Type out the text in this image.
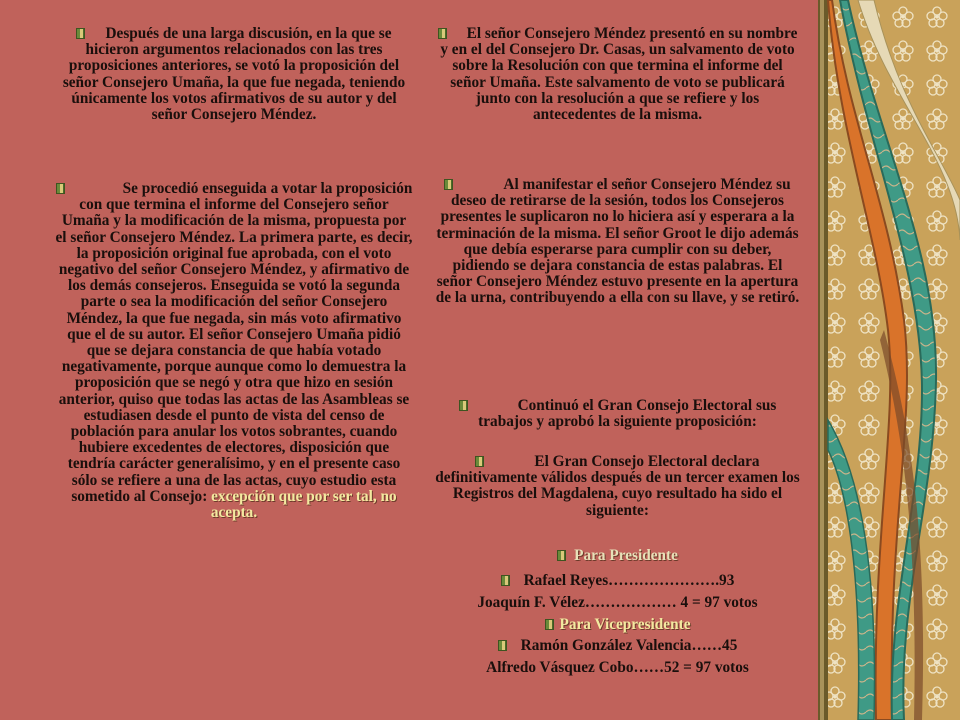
Después de una larga discusión, en la que se hicieron argumentos relacionados con las tres proposiciones anteriores, se votó la proposición del señor Consejero Umaña, la que fue negada, teniendo únicamente los votos afirmativos de su autor y del señor Consejero Méndez.
Se procedió enseguida a votar la proposición con que termina el informe del Consejero señor Umaña y la modificación de la misma, propuesta por el señor Consejero Méndez. La primera parte, es decir, la proposición original fue aprobada, con el voto negativo del señor Consejero Méndez, y afirmativo de los demás consejeros. Enseguida se votó la segunda parte o sea la modificación del señor Consejero Méndez, la que fue negada, sin más voto afirmativo que el de su autor. El señor Consejero Umaña pidió que se dejara constancia de que había votado negativamente, porque aunque como lo demuestra la proposición que se negó y otra que hizo en sesión anterior, quiso que todas las actas de las Asambleas se estudiasen desde el punto de vista del censo de población para anular los votos sobrantes, cuando hubiere excedentes de electores, disposición que tendría carácter generalísimo, y en el presente caso sólo se refiere a una de las actas, cuyo estudio esta sometido al Consejo: excepción que por ser tal, no acepta.
El señor Consejero Méndez presentó en su nombre y en el del Consejero Dr. Casas, un salvamento de voto sobre la Resolución con que termina el informe del señor Umaña. Este salvamento de voto se publicará junto con la resolución a que se refiere y los antecedentes de la misma.
Al manifestar el señor Consejero Méndez su deseo de retirarse de la sesión, todos los Consejeros presentes le suplicaron no lo hiciera así y esperara a la terminación de la misma. El señor Groot le dijo además que debía esperarse para cumplir con su deber, pidiendo se dejara constancia de estas palabras. El señor Consejero Méndez estuvo presente en la apertura de la urna, contribuyendo a ella con su llave, y se retiró.
Continuó el Gran Consejo Electoral sus trabajos y aprobó la siguiente proposición:
El Gran Consejo Electoral declara definitivamente válidos después de un tercer examen los Registros del Magdalena, cuyo resultado ha sido el siguiente:
Para Presidente
Rafael Reyes………………….93
Joaquín F. Vélez……………… 4 = 97 votos
Para Vicepresidente
Ramón González Valencia……45
Alfredo Vásquez Cobo……52 = 97 votos
